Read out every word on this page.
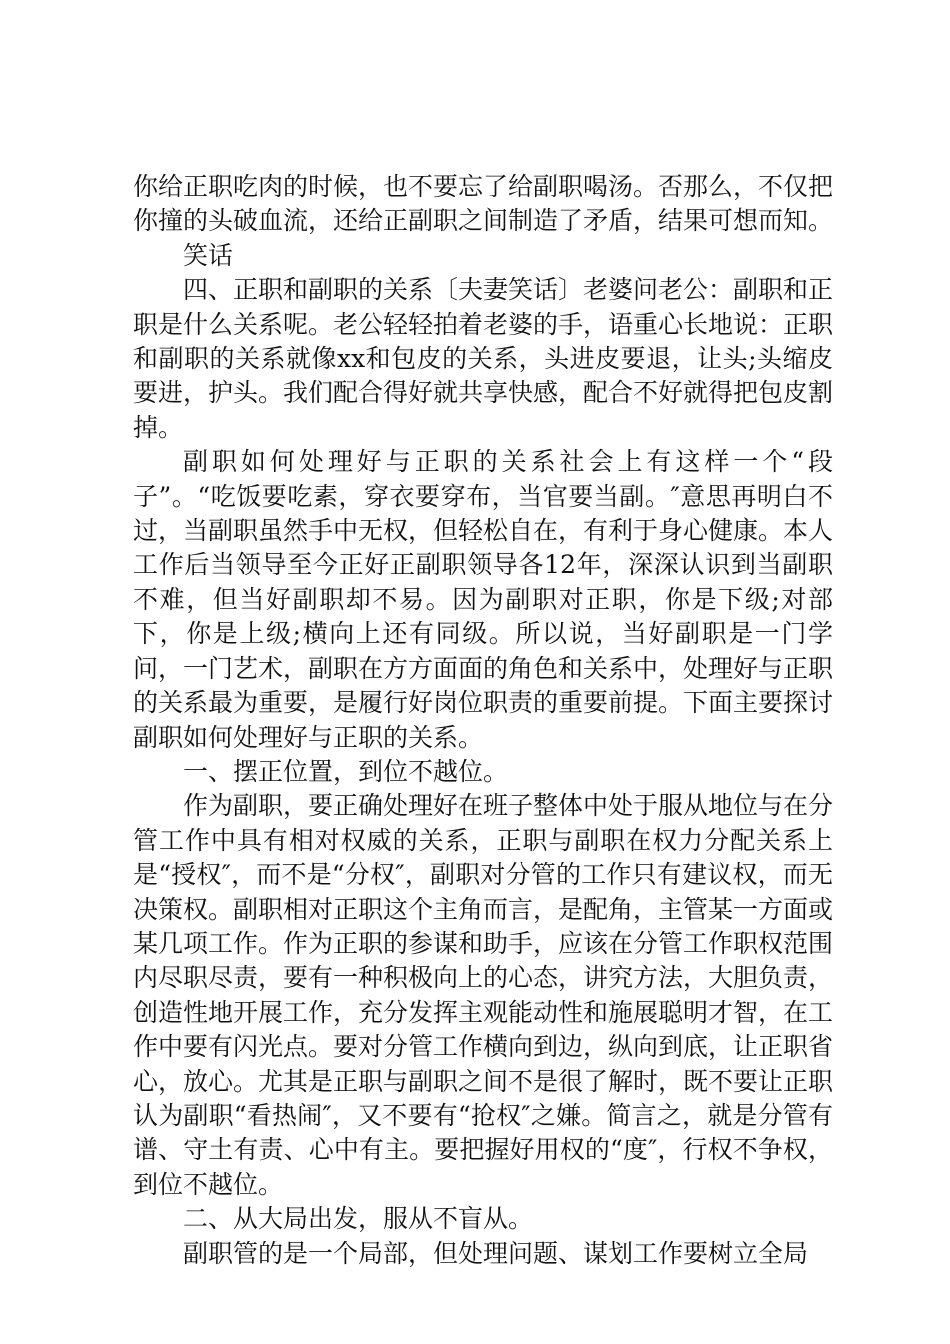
你给正职吃肉的时候，也不要忘了给副职喝汤。否那么，不仅把你撞的头破血流，还给正副职之间制造了矛盾，结果可想而知。

笑话

四、正职和副职的关系〔夫妻笑话〕老婆问老公：副职和正职是什么关系呢。老公轻轻拍着老婆的手，语重心长地说：正职和副职的关系就像xx和包皮的关系，头进皮要退，让头;头缩皮要进，护头。我们配合得好就共享快感，配合不好就得把包皮割掉。

副职如何处理好与正职的关系社会上有这样一个“段子”。“吃饭要吃素，穿衣要穿布，当官要当副。″意思再明白不过，当副职虽然手中无权，但轻松自在，有利于身心健康。本人工作后当领导至今正好正副职领导各12年，深深认识到当副职不难，但当好副职却不易。因为副职对正职，你是下级;对部下，你是上级;横向上还有同级。所以说，当好副职是一门学问，一门艺术，副职在方方面面的角色和关系中，处理好与正职的关系最为重要，是履行好岗位职责的重要前提。下面主要探讨副职如何处理好与正职的关系。

一、摆正位置，到位不越位。

作为副职，要正确处理好在班子整体中处于服从地位与在分管工作中具有相对权威的关系，正职与副职在权力分配关系上是“授权″，而不是“分权″，副职对分管的工作只有建议权，而无决策权。副职相对正职这个主角而言，是配角，主管某一方面或某几项工作。作为正职的参谋和助手，应该在分管工作职权范围内尽职尽责，要有一种积极向上的心态，讲究方法，大胆负责，创造性地开展工作，充分发挥主观能动性和施展聪明才智，在工作中要有闪光点。要对分管工作横向到边，纵向到底，让正职省心，放心。尤其是正职与副职之间不是很了解时，既不要让正职认为副职“看热闹″，又不要有“抢权″之嫌。简言之，就是分管有谱、守土有责、心中有主。要把握好用权的“度″，行权不争权，到位不越位。

二、从大局出发，服从不盲从。

副职管的是一个局部，但处理问题、谋划工作要树立全局
